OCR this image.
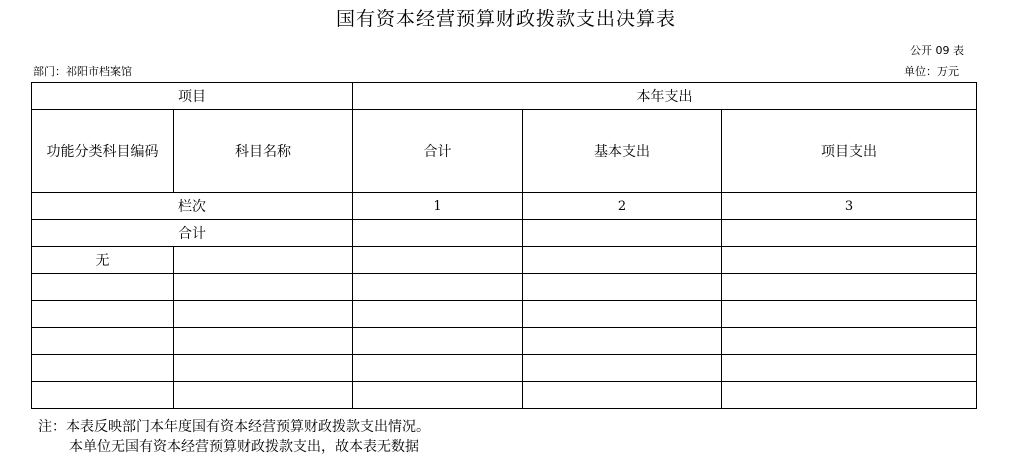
国有资本经营预算财政拨款支出决算表
公开 09 表
部门：祁阳市档案馆	单位：万元
项目		本年支出		
功能分类科目编码	科目名称	合计	基本支出	项目支出
栏次		1	2	3
合计				
无				

注：本表反映部门本年度国有资本经营预算财政拨款支出情况。
本单位无国有资本经营预算财政拨款支出，故本表无数据
